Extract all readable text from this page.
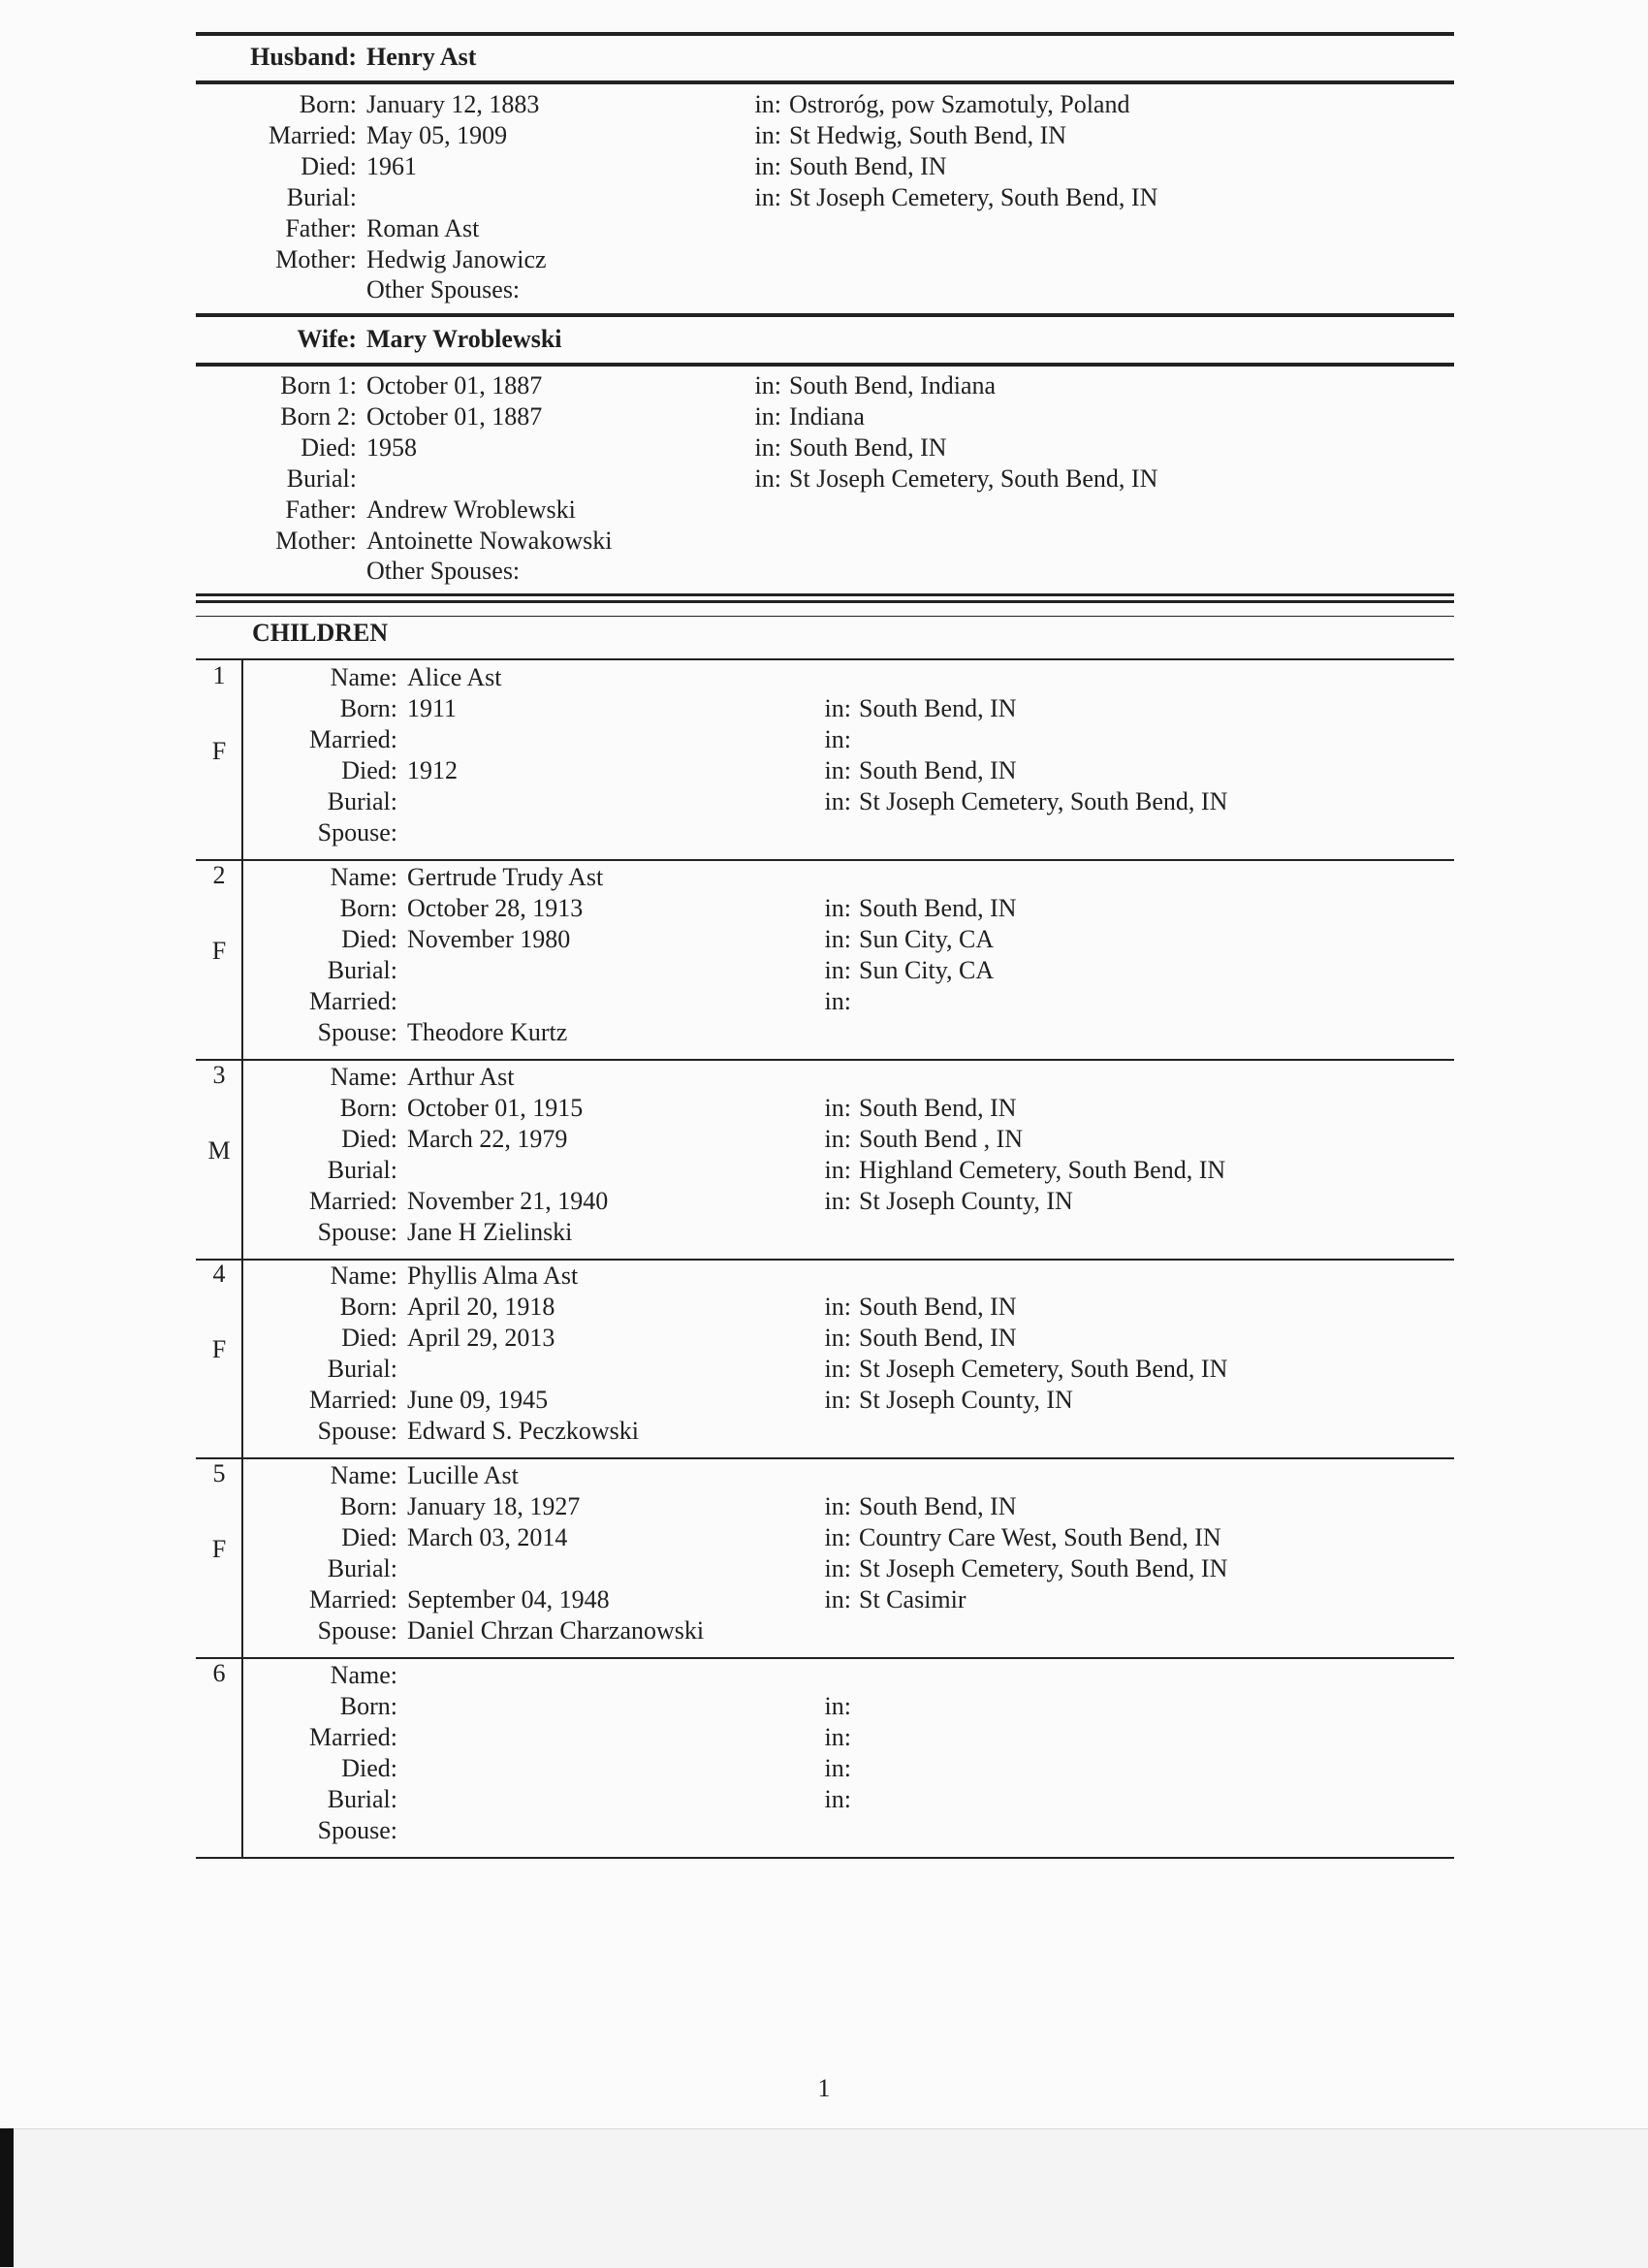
Husband: Henry Ast
Born: January 12, 1883	in: Ostroróg, pow Szamotuly, Poland
Married: May 05, 1909	in: St Hedwig, South Bend, IN
Died: 1961	in: South Bend, IN
Burial:	in: St Joseph Cemetery, South Bend, IN
Father: Roman Ast
Mother: Hedwig Janowicz
Other Spouses:
Wife: Mary Wroblewski
Born 1: October 01, 1887	in: South Bend, Indiana
Born 2: October 01, 1887	in: Indiana
Died: 1958	in: South Bend, IN
Burial:	in: St Joseph Cemetery, South Bend, IN
Father: Andrew Wroblewski
Mother: Antoinette Nowakowski
Other Spouses:
CHILDREN
1
F
Name: Alice Ast
Born: 1911	in: South Bend, IN
Married:	in:
Died: 1912	in: South Bend, IN
Burial:	in: St Joseph Cemetery, South Bend, IN
Spouse:
2
F
Name: Gertrude Trudy Ast
Born: October 28, 1913	in: South Bend, IN
Died: November 1980	in: Sun City, CA
Burial:	in: Sun City, CA
Married:	in:
Spouse: Theodore Kurtz
3
M
Name: Arthur Ast
Born: October 01, 1915	in: South Bend, IN
Died: March 22, 1979	in: South Bend , IN
Burial:	in: Highland Cemetery, South Bend, IN
Married: November 21, 1940	in: St Joseph County, IN
Spouse: Jane H Zielinski
4
F
Name: Phyllis Alma Ast
Born: April 20, 1918	in: South Bend, IN
Died: April 29, 2013	in: South Bend, IN
Burial:	in: St Joseph Cemetery, South Bend, IN
Married: June 09, 1945	in: St Joseph County, IN
Spouse: Edward S. Peczkowski
5
F
Name: Lucille Ast
Born: January 18, 1927	in: South Bend, IN
Died: March 03, 2014	in: Country Care West, South Bend, IN
Burial:	in: St Joseph Cemetery, South Bend, IN
Married: September 04, 1948	in: St Casimir
Spouse: Daniel Chrzan Charzanowski
6	Name:
Born:	in:
Married:	in:
Died:	in:
Burial:	in:
Spouse:
1
